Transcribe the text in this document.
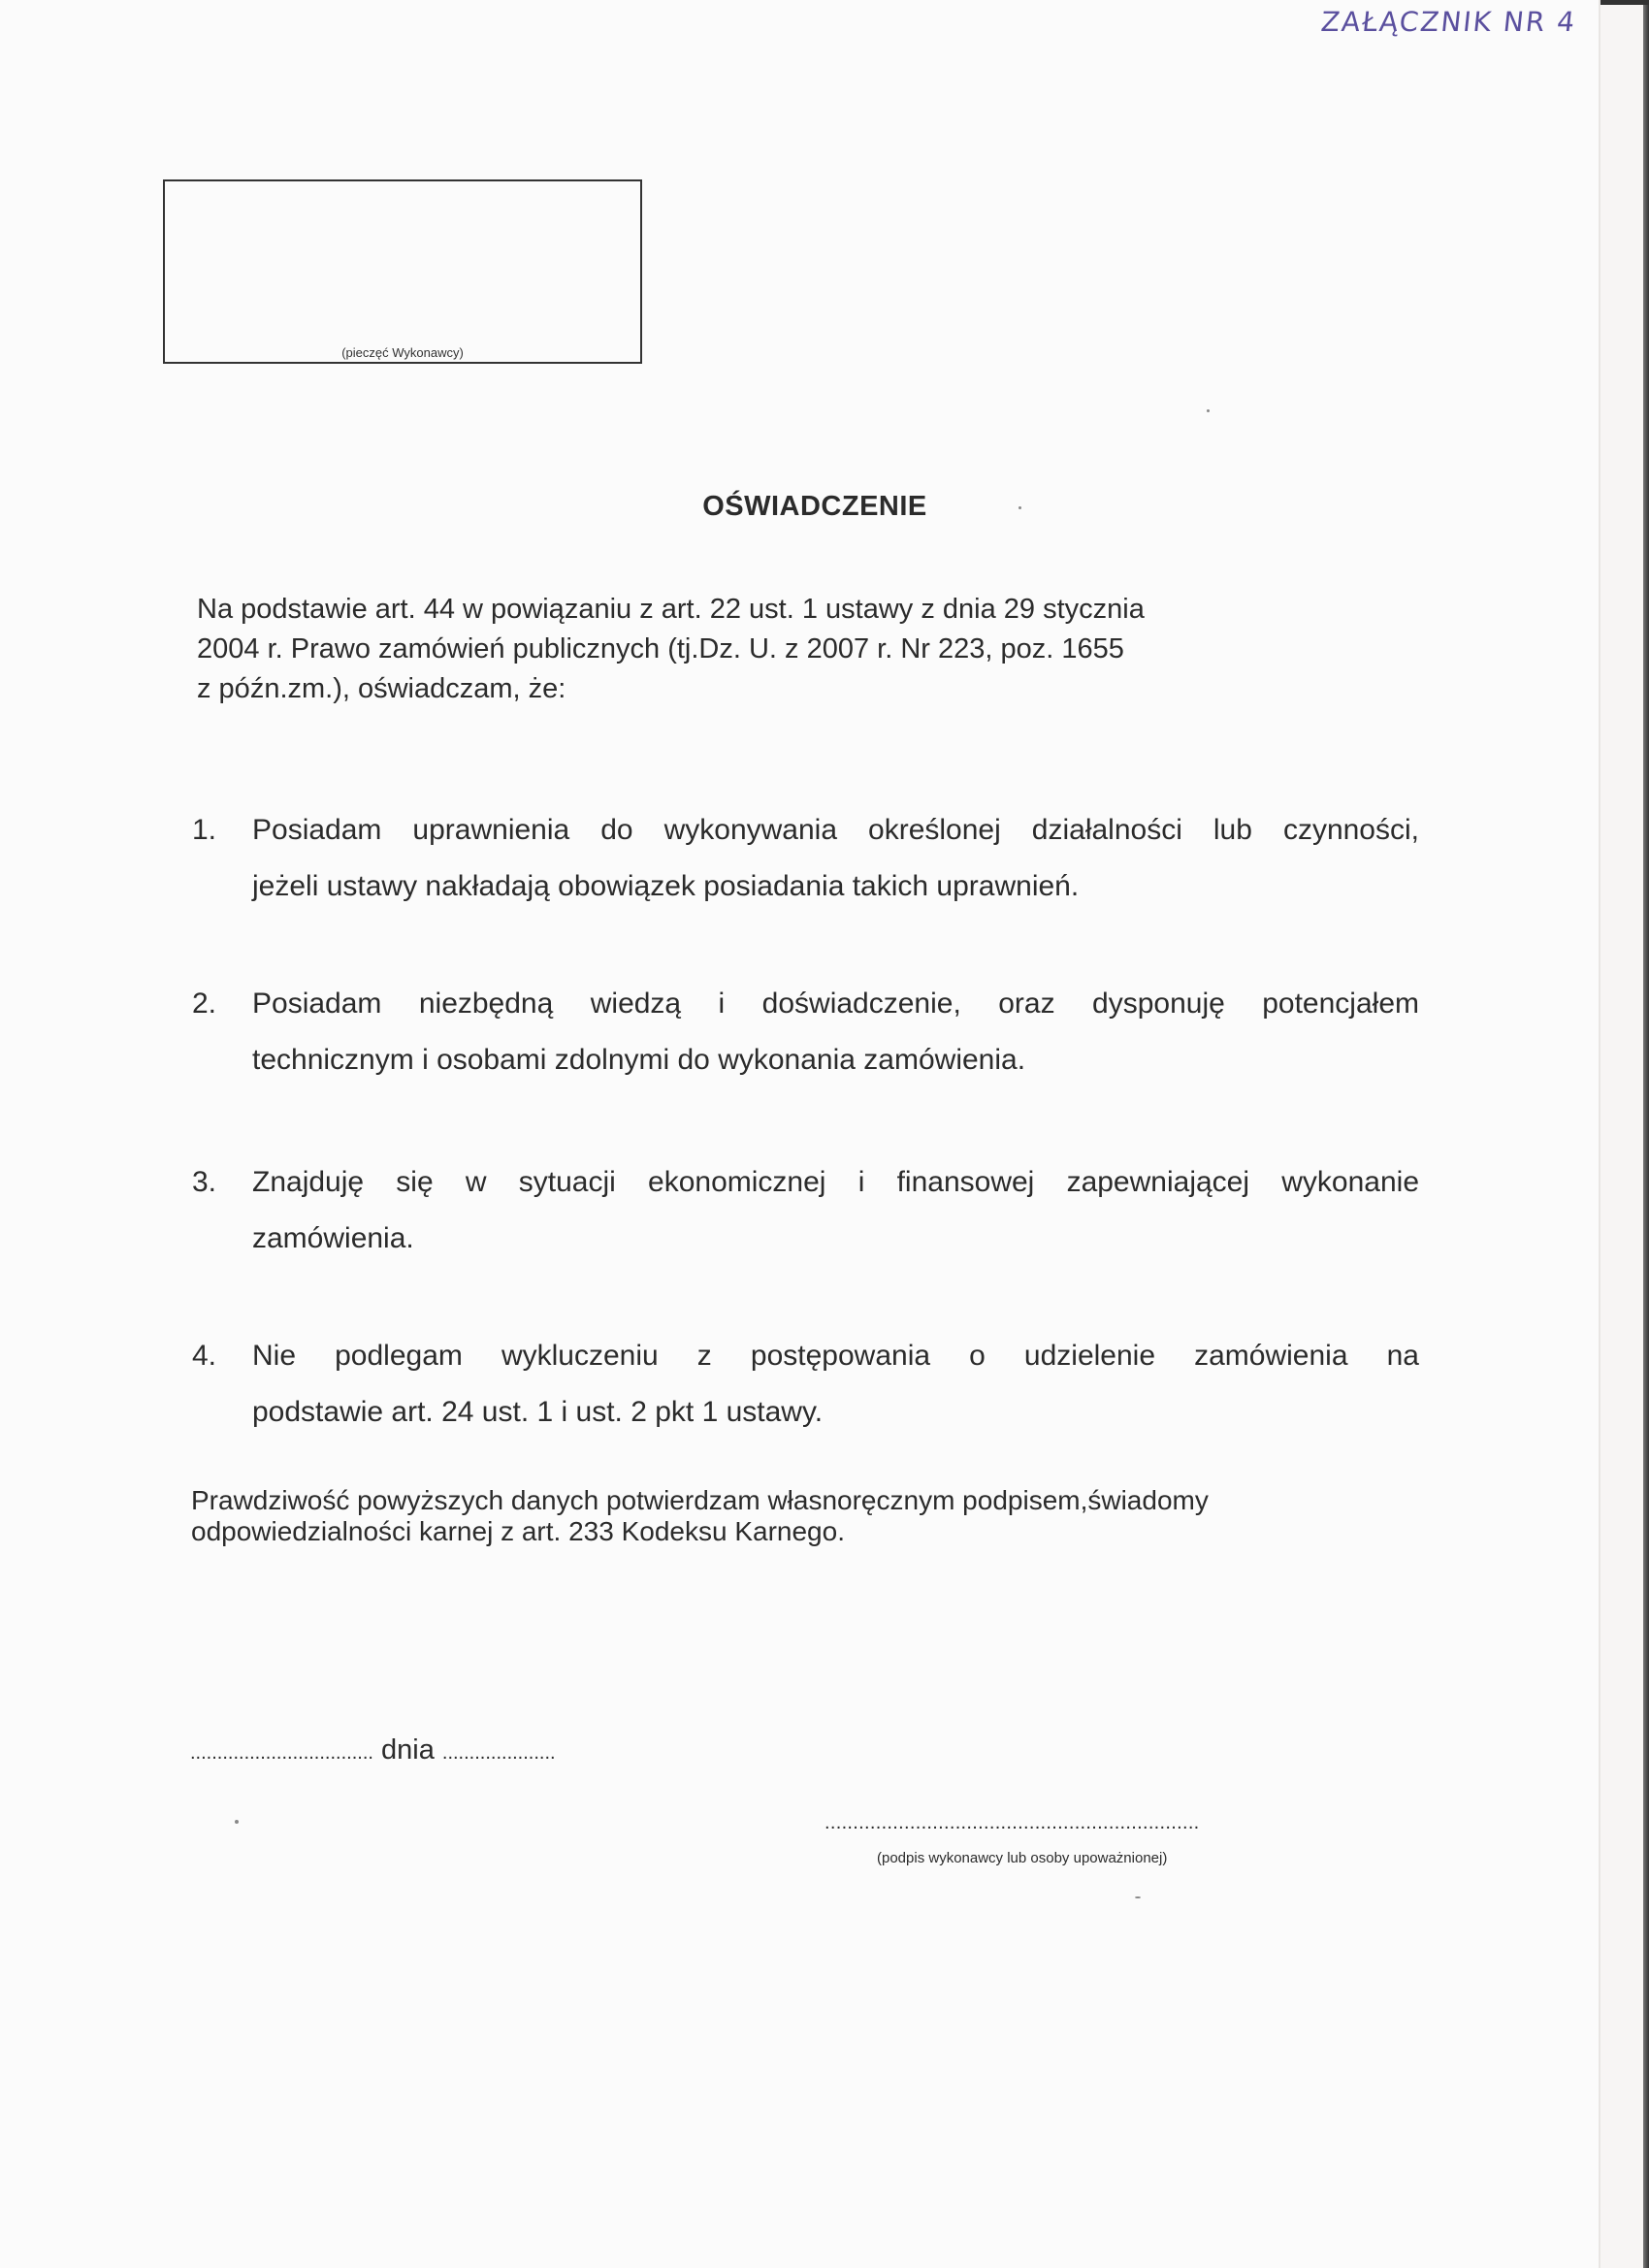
ZAŁĄCZNIK NR 4
(pieczęć Wykonawcy)
OŚWIADCZENIE

Na podstawie art. 44 w powiązaniu z art. 22 ust. 1 ustawy z dnia 29 stycznia

2004 r. Prawo zamówień publicznych (tj.Dz. U. z 2007 r. Nr 223, poz. 1655

z późn.zm.), oświadczam, że:

1. Posiadam uprawnienia do wykonywania określonej działalności lub czynności,
jeżeli ustawy nakładają obowiązek posiadania takich uprawnień.
2. Posiadam niezbędną wiedzą i doświadczenie, oraz dysponuję potencjałem
technicznym i osobami zdolnymi do wykonania zamówienia.
3. Znajduję się w sytuacji ekonomicznej i finansowej zapewniającej wykonanie
zamówienia.
4. Nie podlegam wykluczeniu z postępowania o udzielenie zamówienia na
podstawie art. 24 ust. 1 i ust. 2 pkt 1 ustawy.

Prawdziwość powyższych danych potwierdzam własnoręcznym podpisem,świadomy

odpowiedzialności karnej z art. 233 Kodeksu Karnego.

.................................. dnia .....................
..................................................................
(podpis wykonawcy lub osoby upoważnionej)
